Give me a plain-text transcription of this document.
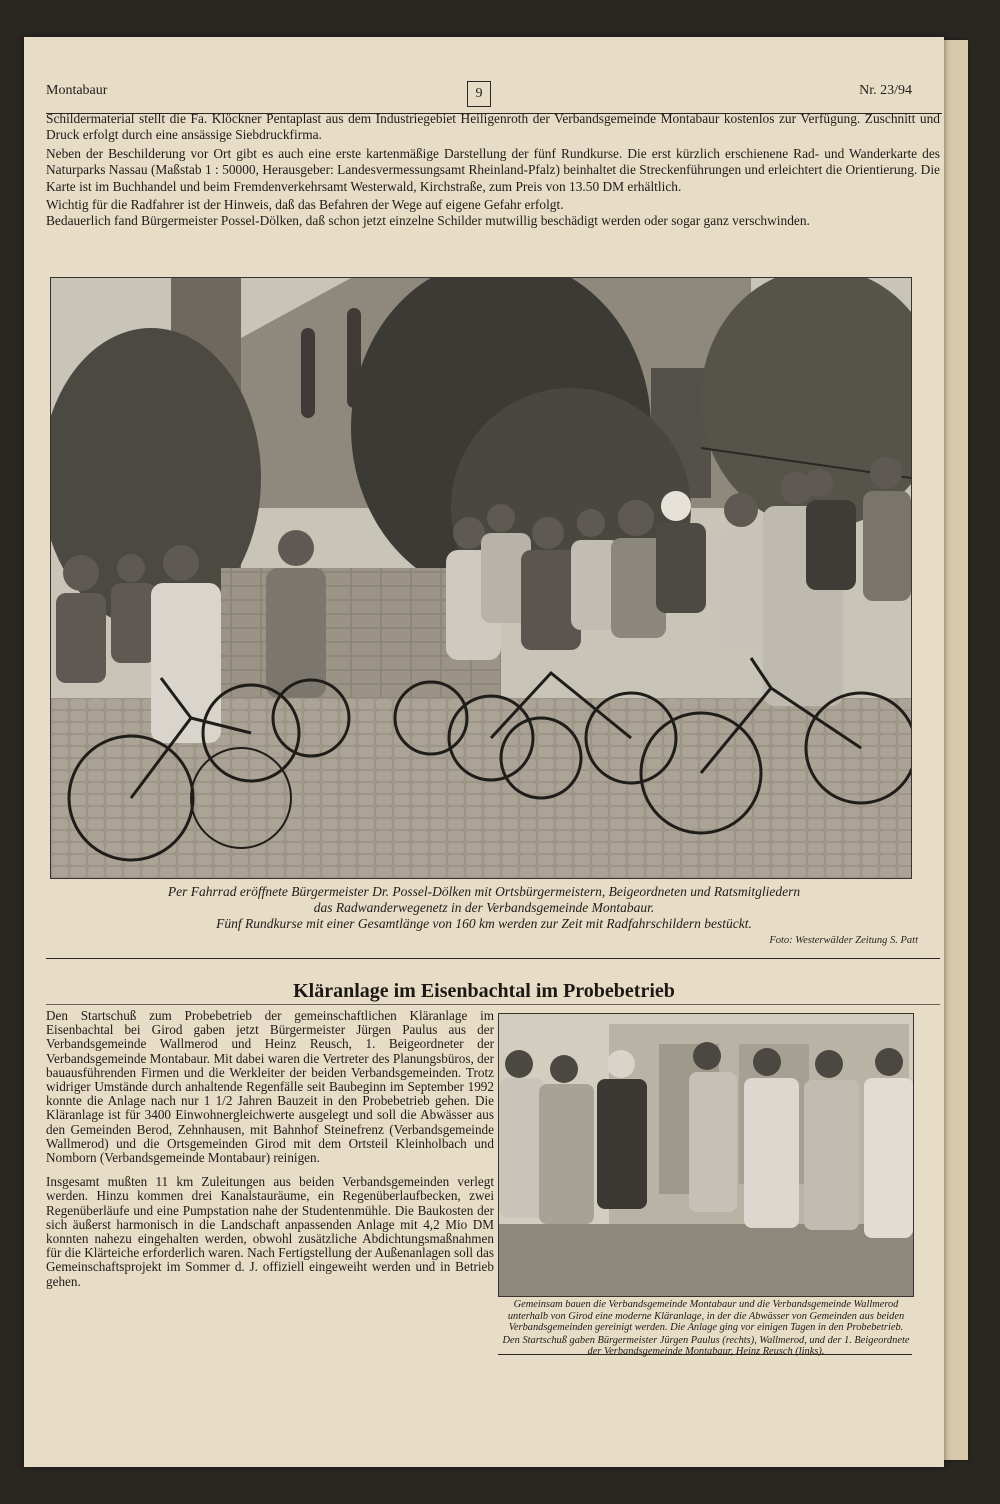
Montabaur	9	Nr. 23/94

Schildermaterial stellt die Fa. Klöckner Pentaplast aus dem Industriegebiet Heiligenroth der Verbandsgemeinde Montabaur kostenlos zur Verfügung. Zuschnitt und Druck erfolgt durch eine ansässige Siebdruckfirma.

Neben der Beschilderung vor Ort gibt es auch eine erste kartenmäßige Darstellung der fünf Rundkurse. Die erst kürzlich erschienene Rad- und Wanderkarte des Naturparks Nassau (Maßstab 1 : 50000, Herausgeber: Landesvermessungsamt Rheinland-Pfalz) beinhaltet die Streckenführungen und erleichtert die Orientierung. Die Karte ist im Buchhandel und beim Fremdenverkehrsamt Westerwald, Kirchstraße, zum Preis von 13.50 DM erhältlich.

Wichtig für die Radfahrer ist der Hinweis, daß das Befahren der Wege auf eigene Gefahr erfolgt.

Bedauerlich fand Bürgermeister Possel-Dölken, daß schon jetzt einzelne Schilder mutwillig beschädigt werden oder sogar ganz verschwinden.

Per Fahrrad eröffnete Bürgermeister Dr. Possel-Dölken mit Ortsbürgermeistern, Beigeordneten und Ratsmitgliedern
das Radwanderwegenetz in der Verbandsgemeinde Montabaur.
Fünf Rundkurse mit einer Gesamtlänge von 160 km werden zur Zeit mit Radfahrschildern bestückt.
Foto: Westerwälder Zeitung S. Patt
Kläranlage im Eisenbachtal im Probebetrieb

Den Startschuß zum Probebetrieb der gemeinschaftlichen Kläranlage im Eisenbachtal bei Girod gaben jetzt Bürgermeister Jürgen Paulus aus der Verbandsgemeinde Wallmerod und Heinz Reusch, 1. Beigeordneter der Verbandsgemeinde Montabaur. Mit dabei waren die Vertreter des Planungsbüros, der bauausführenden Firmen und die Werkleiter der beiden Verbandsgemeinden. Trotz widriger Umstände durch anhaltende Regenfälle seit Baubeginn im September 1992 konnte die Anlage nach nur 1 1/2 Jahren Bauzeit in den Probebetrieb gehen. Die Kläranlage ist für 3400 Einwohnergleichwerte ausgelegt und soll die Abwässer aus den Gemeinden Berod, Zehnhausen, mit Bahnhof Steinefrenz (Verbandsgemeinde Wallmerod) und die Ortsgemeinden Girod mit dem Ortsteil Kleinholbach und Nomborn (Verbandsgemeinde Montabaur) reinigen.

Insgesamt mußten 11 km Zuleitungen aus beiden Verbandsgemeinden verlegt werden. Hinzu kommen drei Kanalstauräume, ein Regenüberlaufbecken, zwei Regenüberläufe und eine Pumpstation nahe der Studentenmühle. Die Baukosten der sich äußerst harmonisch in die Landschaft anpassenden Anlage mit 4,2 Mio DM konnten nahezu eingehalten werden, obwohl zusätzliche Abdichtungsmaßnahmen für die Klärteiche erforderlich waren. Nach Fertigstellung der Außenanlagen soll das Gemeinschaftsprojekt im Sommer d. J. offiziell eingeweiht werden und in Betrieb gehen.

Gemeinsam bauen die Verbandsgemeinde Montabaur und die Verbandsgemeinde Wallmerod unterhalb von Girod eine moderne Kläranlage, in der die Abwässer von Gemeinden aus beiden Verbandsgemeinden gereinigt werden. Die Anlage ging vor einigen Tagen in den Probebetrieb.

Den Startschuß gaben Bürgermeister Jürgen Paulus (rechts), Wallmerod, und der 1. Beigeordnete der Verbandsgemeinde Montabaur, Heinz Reusch (links).
